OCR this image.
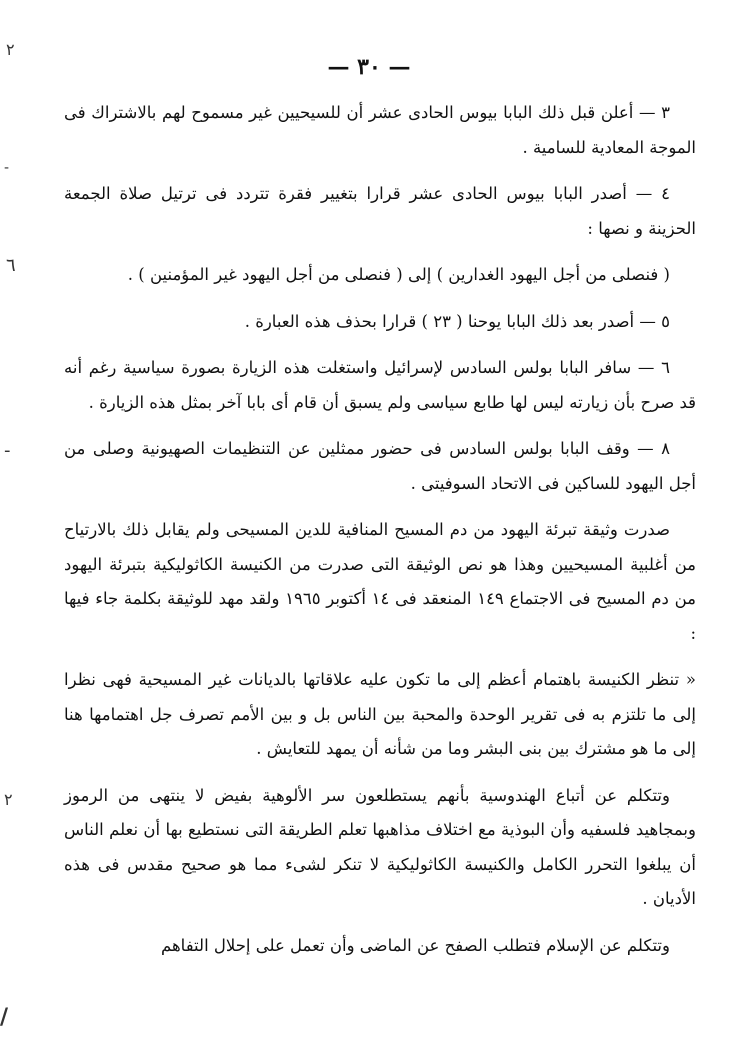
٢
-
٦
-
٢
/
— ٣٠ —

٣ — أعلن قبل ذلك البابا بيوس الحادى عشر أن للسيحيين غير مسموح لهم بالاشتراك فى الموجة المعادية للسامية .

٤ — أصدر البابا بيوس الحادى عشر قرارا بتغيير فقرة تتردد فى ترتيل صلاة الجمعة الحزينة و نصها :

( فنصلى من أجل اليهود الغدارين ) إلى ( فنصلى من أجل اليهود غير المؤمنين ) .

٥ — أصدر بعد ذلك البابا يوحنا ( ٢٣ ) قرارا بحذف هذه العبارة .

٦ — سافر البابا بولس السادس لإسرائيل واستغلت هذه الزيارة بصورة سياسية رغم أنه قد صرح بأن زيارته ليس لها طابع سياسى ولم يسبق أن قام أى بابا آخر بمثل هذه الزيارة .

٨ — وقف البابا بولس السادس فى حضور ممثلين عن التنظيمات الصهيونية وصلى من أجل اليهود للساكين فى الاتحاد السوفيتى .

صدرت وثيقة تبرئة اليهود من دم المسيح المنافية للدين المسيحى ولم يقابل ذلك بالارتياح من أغلبية المسيحيين وهذا هو نص الوثيقة التى صدرت من الكنيسة الكاثوليكية بتبرئة اليهود من دم المسيح فى الاجتماع ١٤٩ المنعقد فى ١٤ أكتوبر ١٩٦٥ ولقد مهد للوثيقة بكلمة جاء فيها :

« تنظر الكنيسة باهتمام أعظم إلى ما تكون عليه علاقاتها بالديانات غير المسيحية فهى نظرا إلى ما تلتزم به فى تقرير الوحدة والمحبة بين الناس بل و بين الأمم تصرف جل اهتمامها هنا إلى ما هو مشترك بين بنى البشر وما من شأنه أن يمهد للتعايش .

وتتكلم عن أتباع الهندوسية بأنهم يستطلعون سر الألوهية بفيض لا ينتهى من الرموز وبمجاهيد فلسفيه وأن البوذية مع اختلاف مذاهبها تعلم الطريقة التى نستطيع بها أن نعلم الناس أن يبلغوا التحرر الكامل والكنيسة الكاثوليكية لا تنكر لشىء مما هو صحيح مقدس فى هذه الأديان .

وتتكلم عن الإسلام فتطلب الصفح عن الماضى وأن تعمل على إحلال التفاهم
